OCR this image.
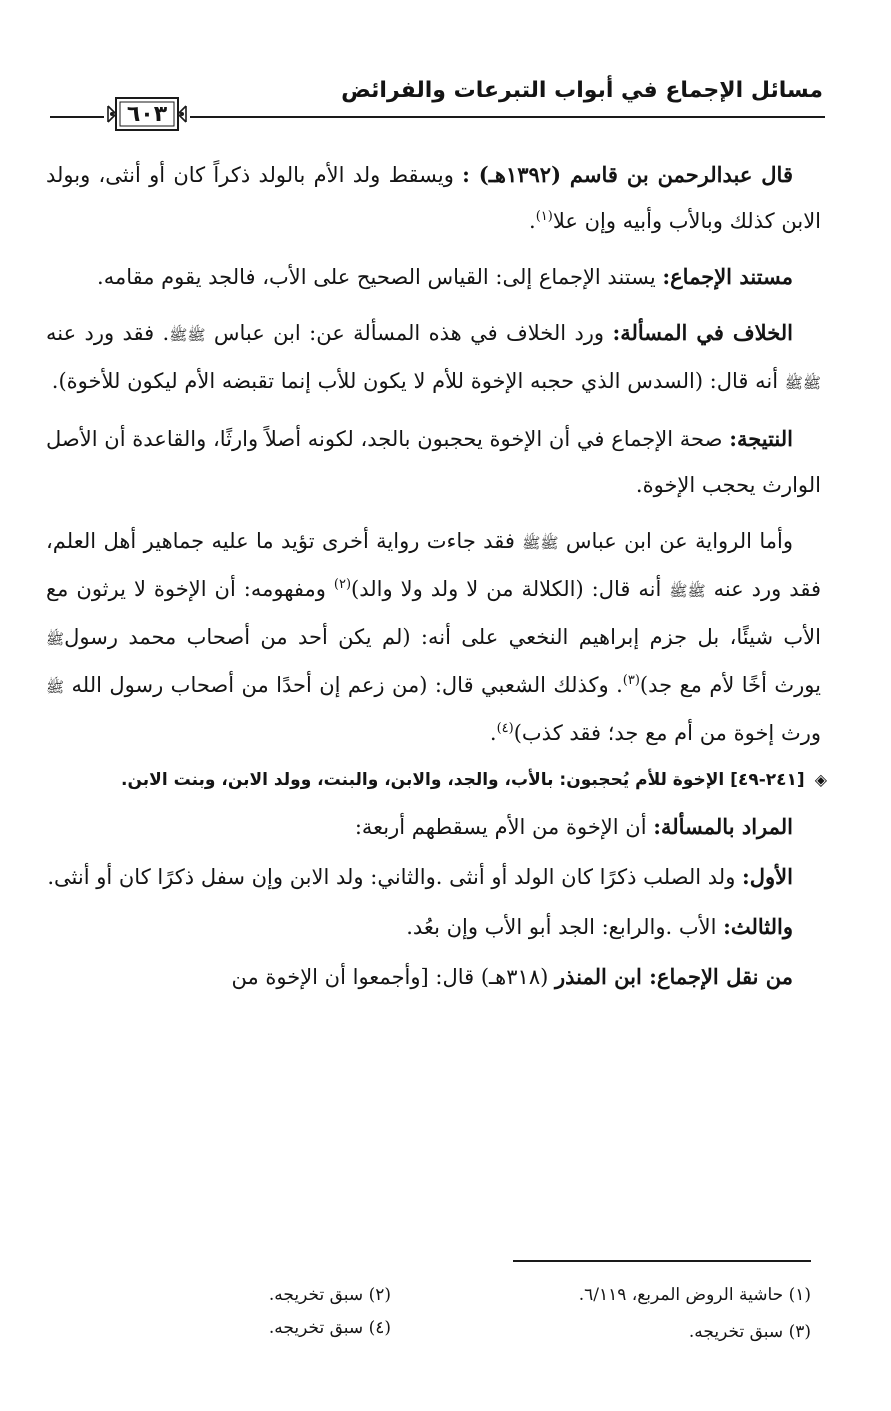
مسائل الإجماع في أبواب التبرعات والفرائض
٦٠٣

قال عبدالرحمن بن قاسم (١٣٩٢هـ) : ويسقط ولد الأم بالولد ذكراً كان أو أنثى، وبولد الابن كذلك وبالأب وأبيه وإن علا$^{(١)}$.

مستند الإجماع: يستند الإجماع إلى: القياس الصحيح على الأب، فالجد يقوم مقامه.

الخلاف في المسألة: ورد الخلاف في هذه المسألة عن: ابن عباس ﷺﷺ. فقد ورد عنه ﷺﷺ أنه قال: (السدس الذي حجبه الإخوة للأم لا يكون للأب إنما تقبضه الأم ليكون للأخوة).

النتيجة: صحة الإجماع في أن الإخوة يحجبون بالجد، لكونه أصلاً وارثًا، والقاعدة أن الأصل الوارث يحجب الإخوة.

وأما الرواية عن ابن عباس ﷺﷺ فقد جاءت رواية أخرى تؤيد ما عليه جماهير أهل العلم، فقد ورد عنه ﷺﷺ أنه قال: (الكلالة من لا ولد ولا والد)$^{(٢)}$ ومفهومه: أن الإخوة لا يرثون مع الأب شيئًا، بل جزم إبراهيم النخعي على أنه: (لم يكن أحد من أصحاب محمد رسولﷺ يورث أخًا لأم مع جد)$^{(٣)}$. وكذلك الشعبي قال: (من زعم إن أحدًا من أصحاب رسول الله ﷺ ورث إخوة من أم مع جد؛ فقد كذب)$^{(٤)}$.

◈[٢٤١-٤٩] الإخوة للأم يُحجبون: بالأب، والجد، والابن، والبنت، وولد الابن، وبنت الابن.

المراد بالمسألة: أن الإخوة من الأم يسقطهم أربعة:

الأول: ولد الصلب ذكرًا كان الولد أو أنثى .والثاني: ولد الابن وإن سفل ذكرًا كان أو أنثى.

والثالث: الأب .والرابع: الجد أبو الأب وإن بعُد.

من نقل الإجماع: ابن المنذر (٣١٨هـ) قال: [وأجمعوا أن الإخوة من

(١) حاشية الروض المربع، ٦/١١٩.
(٢) سبق تخريجه.
(٣) سبق تخريجه.
(٤) سبق تخريجه.
